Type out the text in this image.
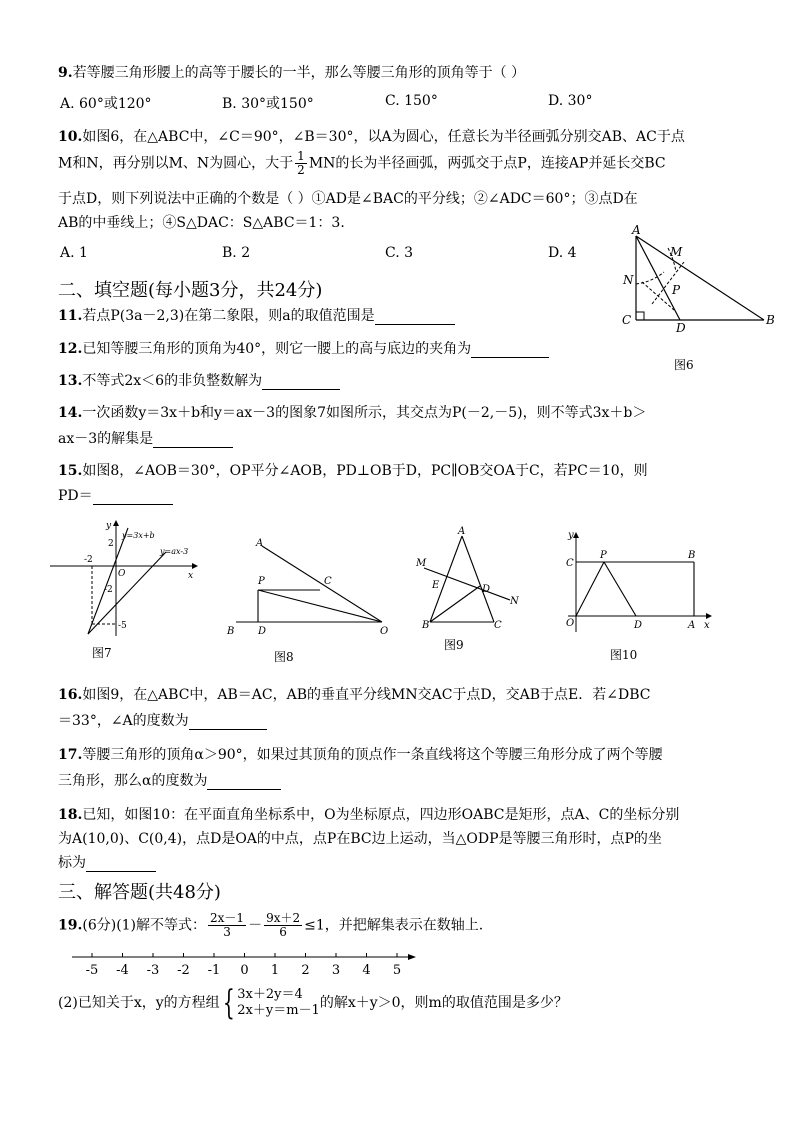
9.若等腰三角形腰上的高等于腰长的一半，那么等腰三角形的顶角等于（ ）
A. 60°或120°	B. 30°或150°	C. 150°	D. 30°
10.如图6，在△ABC中，∠C＝90°，∠B＝30°，以A为圆心，任意长为半径画弧分别交AB、AC于点
M和N，再分别以M、N为圆心，大于 $\frac{1}{2}$ MN的长为半径画弧，两弧交于点P，连接AP并延长交BC
于点D，则下列说法中正确的个数是（ ）①AD是∠BAC的平分线；②∠ADC＝60°；③点D在
AB的中垂线上；④S△DAC：S△ABC＝1：3.
A. 1	B. 2	C. 3	D. 4
A
M
N
P
C
D
B
图6
二、填空题(每小题3分，共24分)
11.若点P(3a－2,3)在第二象限，则a的取值范围是
12.已知等腰三角形的顶角为40°，则它一腰上的高与底边的夹角为
13.不等式2x＜6的非负整数解为
14.一次函数y＝3x＋b和y＝ax－3的图象7如图所示，其交点为P(－2,－5)，则不等式3x＋b＞
ax－3的解集是
15.如图8，∠AOB＝30°，OP平分∠AOB，PD⊥OB于D，PC∥OB交OA于C，若PC＝10，则
PD＝
y
y=3x+b
y=ax-3
2
-2
O	x
-2
-5
图7
A
P	C
B D	O
图8
A
M
E	D
N
B	C
图9
y
C
P	B
O	D	A x
图10
16.如图9，在△ABC中，AB＝AC，AB的垂直平分线MN交AC于点D，交AB于点E．若∠DBC
＝33°，∠A的度数为
17.等腰三角形的顶角α＞90°，如果过其顶角的顶点作一条直线将这个等腰三角形分成了两个等腰
三角形，那么α的度数为
18.已知，如图10：在平面直角坐标系中，O为坐标原点，四边形OABC是矩形，点A、C的坐标分别
为A(10,0)、C(0,4)，点D是OA的中点，点P在BC边上运动，当△ODP是等腰三角形时，点P的坐
标为
三、解答题(共48分)
19.(6分)(1)解不等式： $\frac{2x-1}{3} - \frac{9x+2}{6} \le 1$，并把解集表示在数轴上.
-5 -4 -3 -2 -1 0 1 2 3 4 5
(2)已知关于x，y的方程组{ 3x＋2y＝4
2x＋y＝m－1 的解x＋y＞0，则m的取值范围是多少？
